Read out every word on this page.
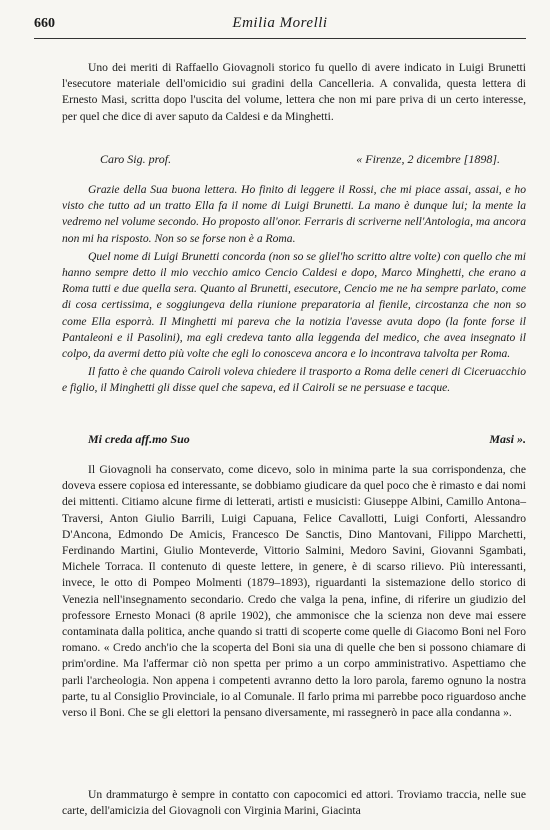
660	Emilia Morelli

Uno dei meriti di Raffaello Giovagnoli storico fu quello di avere indicato in Luigi Brunetti l'esecutore materiale dell'omicidio sui gradini della Cancelleria. A convalida, questa lettera di Ernesto Masi, scritta dopo l'uscita del volume, lettera che non mi pare priva di un certo interesse, per quel che dice di aver saputo da Caldesi e da Minghetti.

Caro Sig. prof.	« Firenze, 2 dicembre [1898].

Grazie della Sua buona lettera. Ho finito di leggere il Rossi, che mi piace assai, assai, e ho visto che tutto ad un tratto Ella fa il nome di Luigi Brunetti. La mano è dunque lui; la mente la vedremo nel volume secondo. Ho proposto all'onor. Ferraris di scriverne nell'Antologia, ma ancora non mi ha risposto. Non so se forse non è a Roma.

Quel nome di Luigi Brunetti concorda (non so se gliel'ho scritto altre volte) con quello che mi hanno sempre detto il mio vecchio amico Cencio Caldesi e dopo, Marco Minghetti, che erano a Roma tutti e due quella sera. Quanto al Brunetti, esecutore, Cencio me ne ha sempre parlato, come di cosa certissima, e soggiungeva della riunione preparatoria al fienile, circostanza che non so come Ella esporrà. Il Minghetti mi pareva che la notizia l'avesse avuta dopo (la fonte forse il Pantaleoni e il Pasolini), ma egli credeva tanto alla leggenda del medico, che avea insegnato il colpo, da avermi detto più volte che egli lo conosceva ancora e lo incontrava talvolta per Roma.

Il fatto è che quando Cairoli voleva chiedere il trasporto a Roma delle ceneri di Ciceruacchio e figlio, il Minghetti gli disse quel che sapeva, ed il Cairoli se ne persuase e tacque.

Mi creda aff.mo Suo	Masi ».

Il Giovagnoli ha conservato, come dicevo, solo in minima parte la sua corrispondenza, che doveva essere copiosa ed interessante, se dobbiamo giudicare da quel poco che è rimasto e dai nomi dei mittenti. Citiamo alcune firme di letterati, artisti e musicisti: Giuseppe Albini, Camillo Antona–Traversi, Anton Giulio Barrili, Luigi Capuana, Felice Cavallotti, Luigi Conforti, Alessandro D'Ancona, Edmondo De Amicis, Francesco De Sanctis, Dino Mantovani, Filippo Marchetti, Ferdinando Martini, Giulio Monteverde, Vittorio Salmini, Medoro Savini, Giovanni Sgambati, Michele Torraca. Il contenuto di queste lettere, in genere, è di scarso rilievo. Più interessanti, invece, le otto di Pompeo Molmenti (1879–1893), riguardanti la sistemazione dello storico di Venezia nell'insegnamento secondario. Credo che valga la pena, infine, di riferire un giudizio del professore Ernesto Monaci (8 aprile 1902), che ammonisce che la scienza non deve mai essere contaminata dalla politica, anche quando si tratti di scoperte come quelle di Giacomo Boni nel Foro romano. « Credo anch'io che la scoperta del Boni sia una di quelle che ben si possono chiamare di prim'ordine. Ma l'affermar ciò non spetta per primo a un corpo amministrativo. Aspettiamo che parli l'archeologia. Non appena i competenti avranno detto la loro parola, faremo ognuno la nostra parte, tu al Consiglio Provinciale, io al Comunale. Il farlo prima mi parrebbe poco riguardoso anche verso il Boni. Che se gli elettori la pensano diversamente, mi rassegnerò in pace alla condanna ».

Un drammaturgo è sempre in contatto con capocomici ed attori. Troviamo traccia, nelle sue carte, dell'amicizia del Giovagnoli con Virginia Marini, Giacinta
